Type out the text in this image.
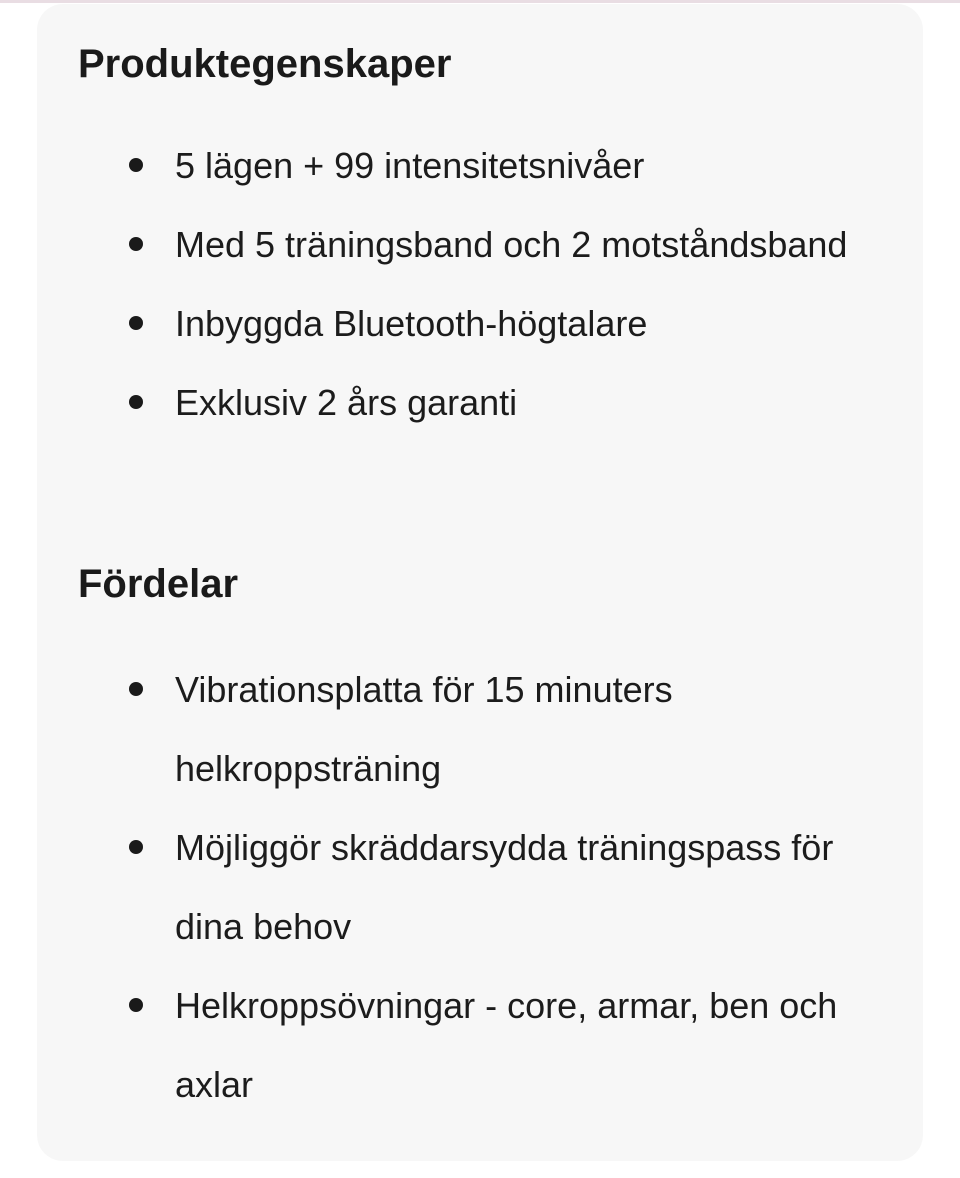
Produktegenskaper
5 lägen + 99 intensitetsnivåer
Med 5 träningsband och 2 motståndsband
Inbyggda Bluetooth-högtalare
Exklusiv 2 års garanti
Fördelar
Vibrationsplatta för 15 minuters helkroppsträning
Möjliggör skräddarsydda träningspass för dina behov
Helkroppsövningar - core, armar, ben och axlar
